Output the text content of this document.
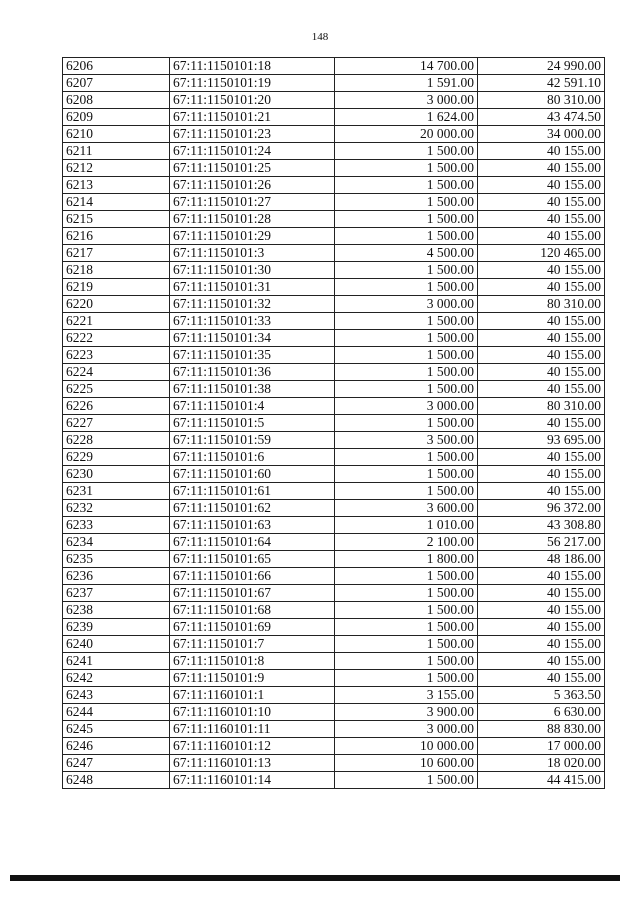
148
6206	67:11:1150101:18	14 700.00	24 990.00
6207	67:11:1150101:19	1 591.00	42 591.10
6208	67:11:1150101:20	3 000.00	80 310.00
6209	67:11:1150101:21	1 624.00	43 474.50
6210	67:11:1150101:23	20 000.00	34 000.00
6211	67:11:1150101:24	1 500.00	40 155.00
6212	67:11:1150101:25	1 500.00	40 155.00
6213	67:11:1150101:26	1 500.00	40 155.00
6214	67:11:1150101:27	1 500.00	40 155.00
6215	67:11:1150101:28	1 500.00	40 155.00
6216	67:11:1150101:29	1 500.00	40 155.00
6217	67:11:1150101:3	4 500.00	120 465.00
6218	67:11:1150101:30	1 500.00	40 155.00
6219	67:11:1150101:31	1 500.00	40 155.00
6220	67:11:1150101:32	3 000.00	80 310.00
6221	67:11:1150101:33	1 500.00	40 155.00
6222	67:11:1150101:34	1 500.00	40 155.00
6223	67:11:1150101:35	1 500.00	40 155.00
6224	67:11:1150101:36	1 500.00	40 155.00
6225	67:11:1150101:38	1 500.00	40 155.00
6226	67:11:1150101:4	3 000.00	80 310.00
6227	67:11:1150101:5	1 500.00	40 155.00
6228	67:11:1150101:59	3 500.00	93 695.00
6229	67:11:1150101:6	1 500.00	40 155.00
6230	67:11:1150101:60	1 500.00	40 155.00
6231	67:11:1150101:61	1 500.00	40 155.00
6232	67:11:1150101:62	3 600.00	96 372.00
6233	67:11:1150101:63	1 010.00	43 308.80
6234	67:11:1150101:64	2 100.00	56 217.00
6235	67:11:1150101:65	1 800.00	48 186.00
6236	67:11:1150101:66	1 500.00	40 155.00
6237	67:11:1150101:67	1 500.00	40 155.00
6238	67:11:1150101:68	1 500.00	40 155.00
6239	67:11:1150101:69	1 500.00	40 155.00
6240	67:11:1150101:7	1 500.00	40 155.00
6241	67:11:1150101:8	1 500.00	40 155.00
6242	67:11:1150101:9	1 500.00	40 155.00
6243	67:11:1160101:1	3 155.00	5 363.50
6244	67:11:1160101:10	3 900.00	6 630.00
6245	67:11:1160101:11	3 000.00	88 830.00
6246	67:11:1160101:12	10 000.00	17 000.00
6247	67:11:1160101:13	10 600.00	18 020.00
6248	67:11:1160101:14	1 500.00	44 415.00
